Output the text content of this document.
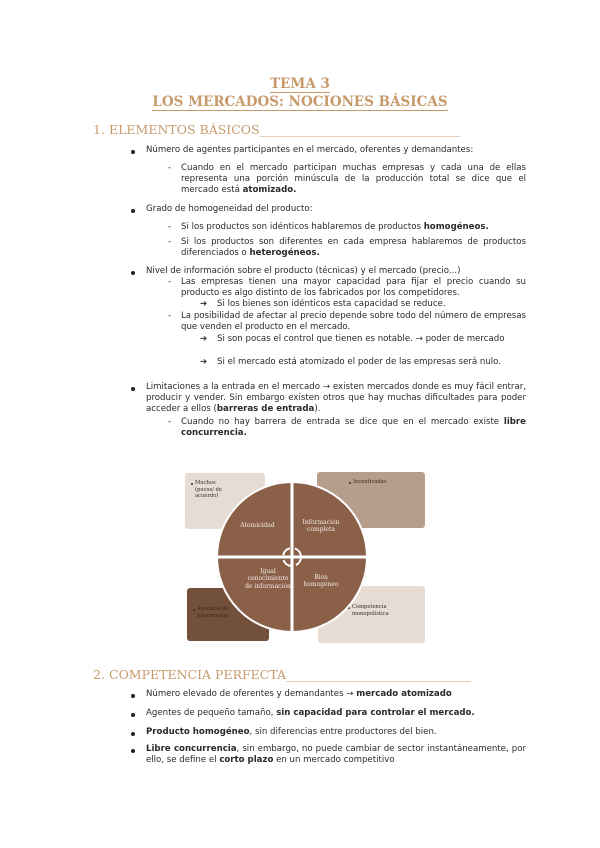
TEMA 3
LOS MERCADOS: NOCIONES BÁSICAS
1. ELEMENTOS BÁSICOS______________________________________
Número de agentes participantes en el mercado, oferentes y demandantes:
- Cuando en el mercado participan muchas empresas y cada una de ellas representa una porción minúscula de la producción total se dice que el mercado está atomizado.
Grado de homogeneidad del producto:
- Si los productos son idénticos hablaremos de productos homogéneos.
- Si los productos son diferentes en cada empresa hablaremos de productos diferenciados o heterogéneos.
Nivel de información sobre el producto (técnicas) y el mercado (precio...)
- Las empresas tienen una mayor capacidad para fijar el precio cuando su producto es algo distinto de los fabricados por los competidores.
➔ Si los bienes son idénticos esta capacidad se reduce.
- La posibilidad de afectar al precio depende sobre todo del número de empresas que venden el producto en el mercado.
➔ Si son pocas el control que tienen es notable. → poder de mercado
➔ Si el mercado está atomizado el poder de las empresas será nulo.
Limitaciones a la entrada en el mercado → existen mercados donde es muy fácil entrar, producir y vender. Sin embargo existen otros que hay muchas dificultades para poder acceder a ellos (barreras de entrada).
- Cuando no hay barrera de entrada se dice que en el mercado existe libre concurrencia.
Muchos (pocos/ de acuerdo)
Incentivadas
Ausencia de información
Competencia monopolística
Atomicidad	Información completa
Igual conocimiento de información
Bien homogéneo
2. COMPETENCIA PERFECTA___________________________________
Número elevado de oferentes y demandantes → mercado atomizado
Agentes de pequeño tamaño, sin capacidad para controlar el mercado.
Producto homogéneo, sin diferencias entre productores del bien.
Libre concurrencia, sin embargo, no puede cambiar de sector instantáneamente, por ello, se define el corto plazo en un mercado competitivo
